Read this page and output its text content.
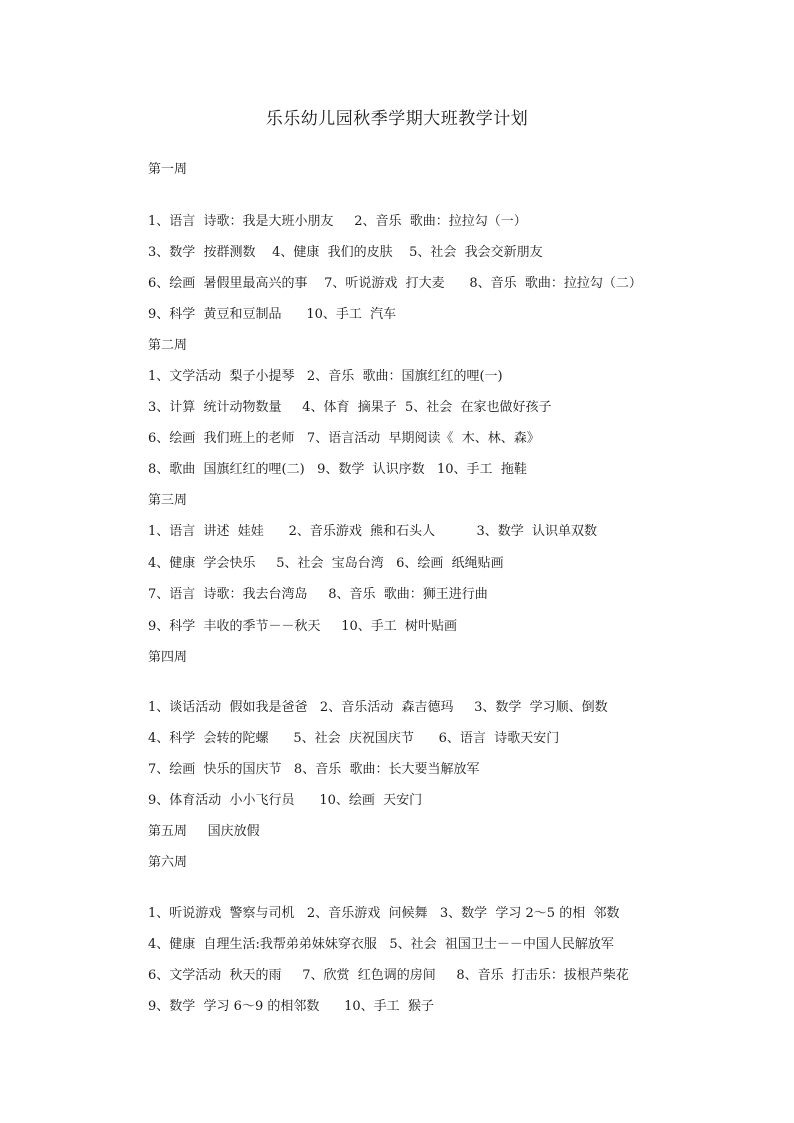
乐乐幼儿园秋季学期大班教学计划
第一周
1、语言  诗歌：我是大班小朋友     2、音乐  歌曲：拉拉勾（一）
3、数学  按群测数    4、健康  我们的皮肤    5、社会  我会交新朋友
6、绘画  暑假里最高兴的事    7、听说游戏  打大麦      8、音乐  歌曲：拉拉勾（二）
9、科学  黄豆和豆制品      10、手工  汽车
第二周
1、文学活动  梨子小提琴   2、音乐  歌曲：国旗红红的哩(一)
3、计算  统计动物数量     4、体育  摘果子  5、社会  在家也做好孩子
6、绘画  我们班上的老师   7、语言活动  早期阅读《  木、林、森》
8、歌曲  国旗红红的哩(二)   9、数学  认识序数   10、手工  拖鞋
第三周
1、语言  讲述  娃娃      2、音乐游戏  熊和石头人          3、数学  认识单双数
4、健康  学会快乐     5、社会  宝岛台湾   6、绘画  纸绳贴画
7、语言  诗歌：我去台湾岛     8、音乐  歌曲：狮王进行曲
9、科学  丰收的季节－－秋天     10、手工  树叶贴画
第四周
1、谈话活动  假如我是爸爸   2、音乐活动  森吉德玛     3、数学  学习顺、倒数
4、科学  会转的陀螺      5、社会  庆祝国庆节      6、语言  诗歌天安门
7、绘画  快乐的国庆节   8、音乐  歌曲：长大要当解放军
9、体育活动  小小飞行员      10、绘画  天安门
第五周     国庆放假
第六周
1、听说游戏  警察与司机   2、音乐游戏  问候舞   3、数学  学习 2～5 的相  邻数
4、健康  自理生活:我帮弟弟妹妹穿衣服   5、社会  祖国卫士－－中国人民解放军
6、文学活动  秋天的雨     7、欣赏  红色调的房间     8、音乐  打击乐：拔根芦柴花
9、数学  学习 6～9 的相邻数      10、手工  猴子
